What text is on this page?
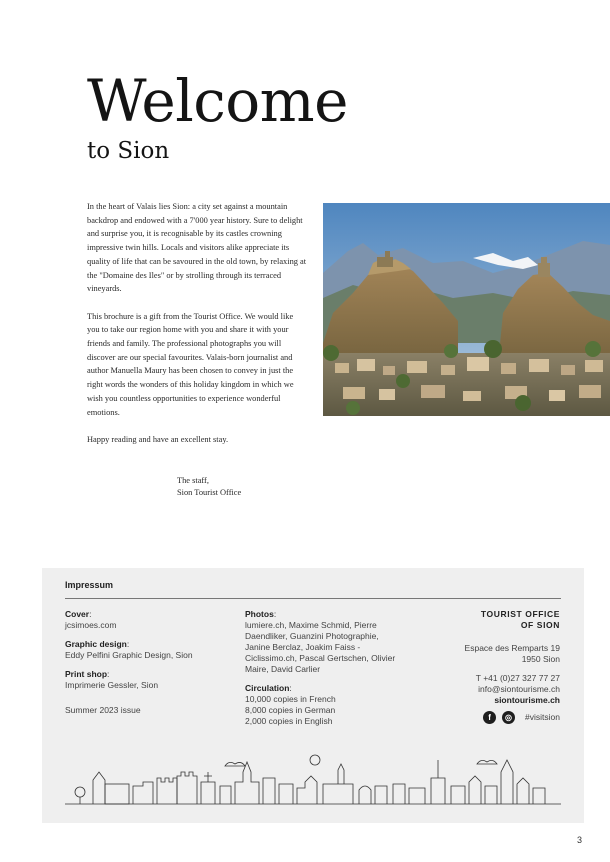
Welcome
to Sion

In the heart of Valais lies Sion: a city set against a mountain backdrop and endowed with a 7'000 year history. Sure to delight and surprise you, it is recognisable by its castles crowning impressive twin hills. Locals and visitors alike appreciate its quality of life that can be savoured in the old town, by relaxing at the "Domaine des Iles" or by strolling through its terraced vineyards.

This brochure is a gift from the Tourist Office. We would like you to take our region home with you and share it with your friends and family. The professional photographs you will discover are our special favourites. Valais-born journalist and author Manuella Maury has been chosen to convey in just the right words the wonders of this holiday kingdom in which we wish you countless opportunities to experience wonderful emotions.

Happy reading and have an excellent stay.

The staff,
Sion Tourist Office
Impressum
Cover:
jcsimoes.com
Graphic design:
Eddy Pelfini Graphic Design, Sion
Print shop:
Imprimerie Gessler, Sion
Summer 2023 issue
Photos:
lumiere.ch, Maxime Schmid, Pierre Daendliker, Guanzini Photographie, Janine Berclaz, Joakim Faiss - Ciclissimo.ch, Pascal Gertschen, Olivier Maire, David Carlier
Circulation:
10,000 copies in French
8,000 copies in German
2,000 copies in English
TOURIST OFFICE
OF SION
Espace des Remparts 19
1950 Sion
T +41 (0)27 327 77 27
info@siontourisme.ch
siontourisme.ch
f	◎	#visitsion
3
